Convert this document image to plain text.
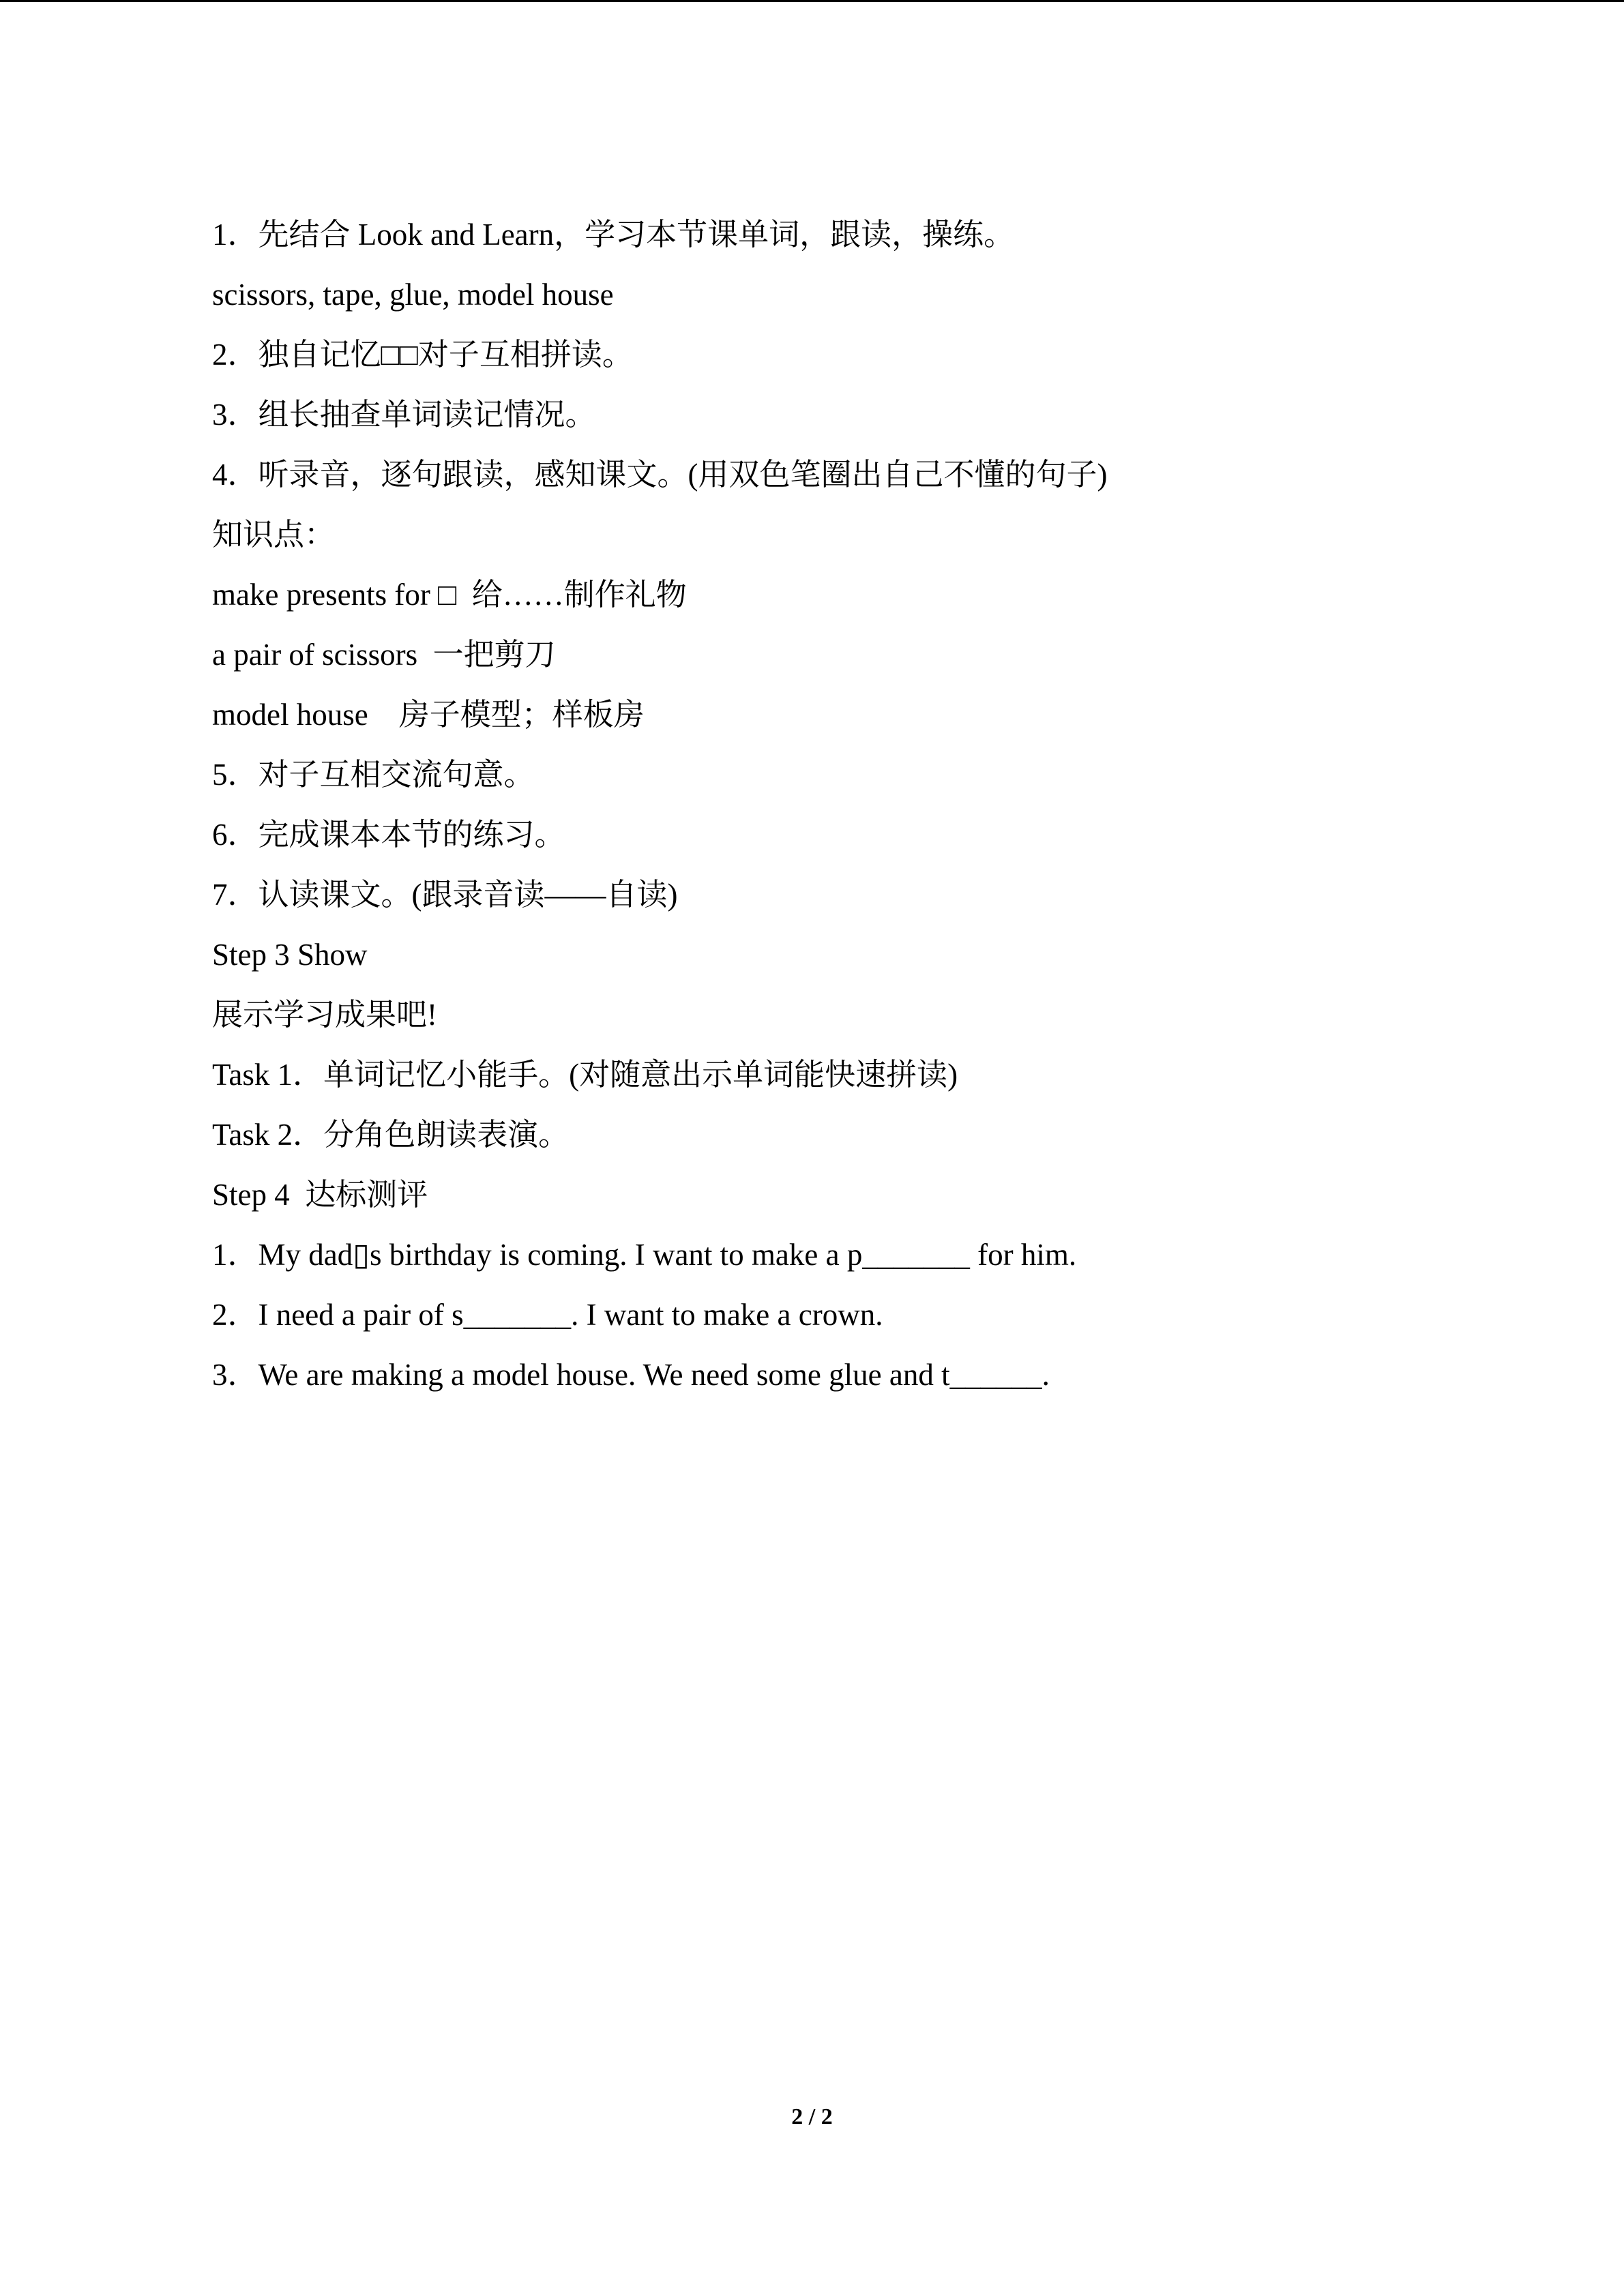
1．先结合 Look and Learn，学习本节课单词，跟读，操练。
scissors, tape, glue, model house
2．独自记忆□□对子互相拼读。
3．组长抽查单词读记情况。
4．听录音，逐句跟读，感知课文。(用双色笔圈出自己不懂的句子)
知识点：
make presents for □  给……制作礼物
a pair of scissors  一把剪刀
model house    房子模型；样板房
5．对子互相交流句意。
6．完成课本本节的练习。
7．认读课文。(跟录音读——自读)
Step 3 Show
展示学习成果吧!
Task 1．单词记忆小能手。(对随意出示单词能快速拼读)
Task 2．分角色朗读表演。
Step 4  达标测评
1．My dad▯s birthday is coming. I want to make a p_______ for him.
2．I need a pair of s_______. I want to make a crown.
3．We are making a model house. We need some glue and t______.
2 / 2
